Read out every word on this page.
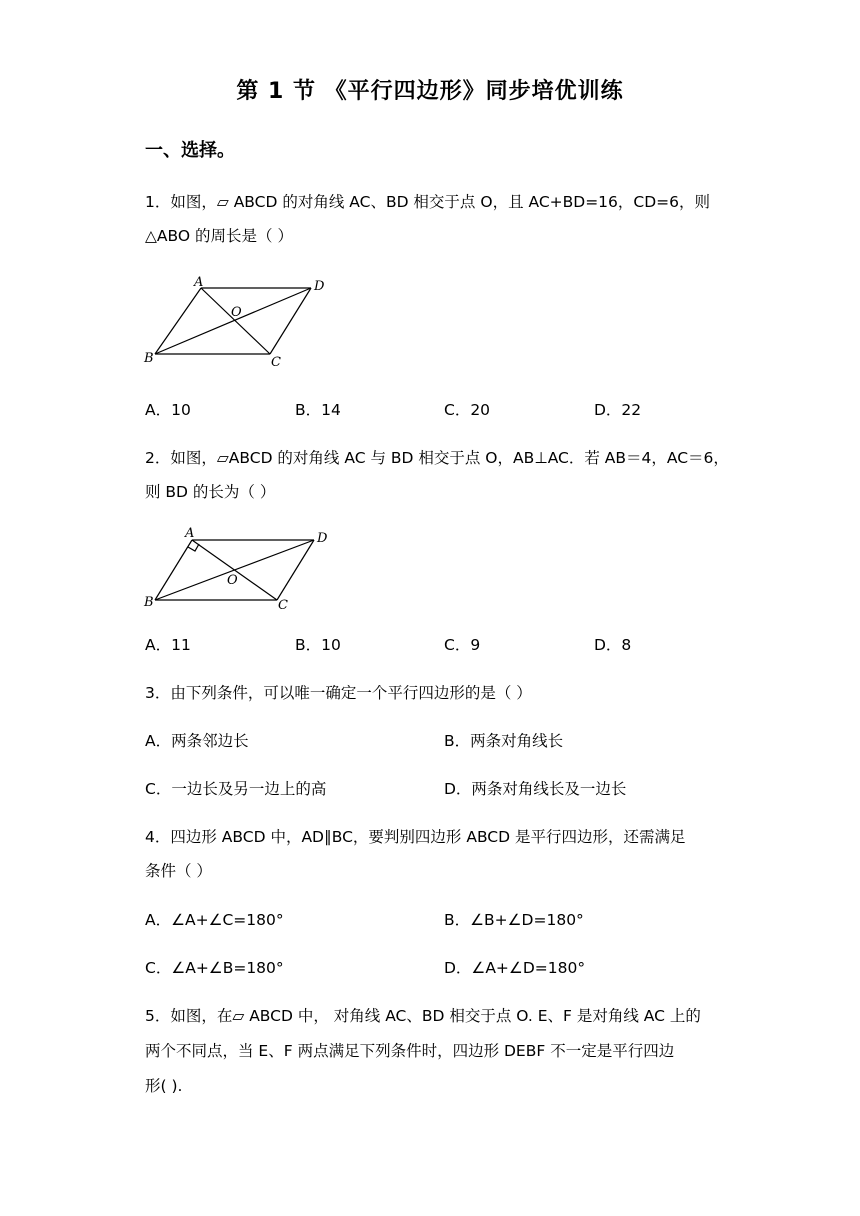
第 1 节 《平行四边形》同步培优训练
一、选择。
1．如图，▱ ABCD 的对角线 AC、BD 相交于点 O，且 AC+BD=16，CD=6，则
△ABO 的周长是（ ）
A
B	C
D
O
A．10	B．14	C．20	D．22
2．如图，▱ABCD 的对角线 AC 与 BD 相交于点 O，AB⊥AC．若 AB＝4，AC＝6，
则 BD 的长为（ ）
A
B	C
D
O
A．11	B．10	C．9	D．8
3．由下列条件，可以唯一确定一个平行四边形的是（ ）
A．两条邻边长	B．两条对角线长
C．一边长及另一边上的高	D．两条对角线长及一边长
4．四边形 ABCD 中，AD∥BC，要判别四边形 ABCD 是平行四边形，还需满足
条件（ ）
A．∠A+∠C=180°	B．∠B+∠D=180°
C．∠A+∠B=180°	D．∠A+∠D=180°
5．如图，在▱ ABCD 中， 对角线 AC、BD 相交于点 O. E、F 是对角线 AC 上的
两个不同点，当 E、F 两点满足下列条件时，四边形 DEBF 不一定是平行四边
形( ).
